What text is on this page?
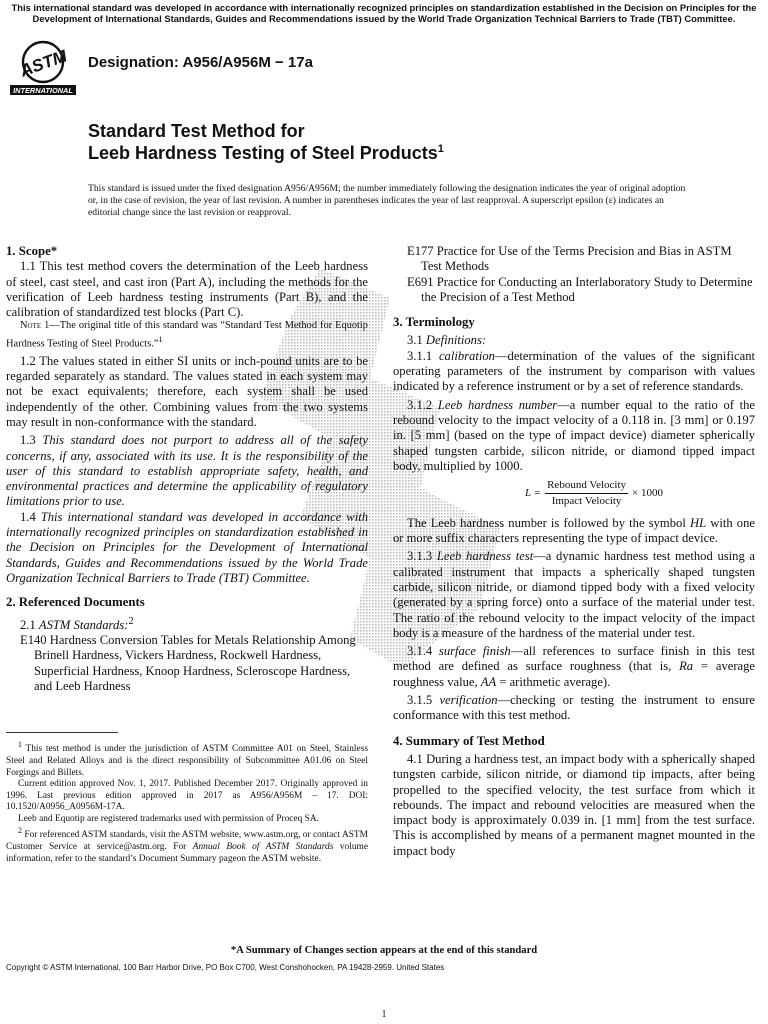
This international standard was developed in accordance with internationally recognized principles on standardization established in the Decision on Principles for the Development of International Standards, Guides and Recommendations issued by the World Trade Organization Technical Barriers to Trade (TBT) Committee.
ASTM
INTERNATIONAL
Designation: A956/A956M − 17a
Standard Test Method for
Leeb Hardness Testing of Steel Products$^1$
This standard is issued under the fixed designation A956/A956M; the number immediately following the designation indicates the year of original adoption or, in the case of revision, the year of last revision. A number in parentheses indicates the year of last reapproval. A superscript epsilon (ε) indicates an editorial change since the last revision or reapproval.

1. Scope*

1.1 This test method covers the determination of the Leeb hardness of steel, cast steel, and cast iron (Part A), including the methods for the verification of Leeb hardness testing instruments (Part B), and the calibration of standardized test blocks (Part C).

Note 1—The original title of this standard was “Standard Test Method for Equotip Hardness Testing of Steel Products.”$^1$

1.2 The values stated in either SI units or inch-pound units are to be regarded separately as standard. The values stated in each system may not be exact equivalents; therefore, each system shall be used independently of the other. Combining values from the two systems may result in non-conformance with the standard.

1.3 This standard does not purport to address all of the safety concerns, if any, associated with its use. It is the responsibility of the user of this standard to establish appropriate safety, health, and environmental practices and determine the applicability of regulatory limitations prior to use.

1.4 This international standard was developed in accordance with internationally recognized principles on standardization established in the Decision on Principles for the Development of International Standards, Guides and Recommendations issued by the World Trade Organization Technical Barriers to Trade (TBT) Committee.

2. Referenced Documents

2.1 ASTM Standards:$^2$

E140 Hardness Conversion Tables for Metals Relationship Among Brinell Hardness, Vickers Hardness, Rockwell Hardness, Superficial Hardness, Knoop Hardness, Scleroscope Hardness, and Leeb Hardness

$^1$ This test method is under the jurisdiction of ASTM Committee A01 on Steel, Stainless Steel and Related Alloys and is the direct responsibility of Subcommittee A01.06 on Steel Forgings and Billets.

Current edition approved Nov. 1, 2017. Published December 2017. Originally approved in 1996. Last previous edition approved in 2017 as A956/A956M – 17. DOI: 10.1520/A0956_A0956M-17A.

Leeb and Equotip are registered trademarks used with permission of Proceq SA.

$^2$ For referenced ASTM standards, visit the ASTM website, www.astm.org, or contact ASTM Customer Service at service@astm.org. For Annual Book of ASTM Standards volume information, refer to the standard’s Document Summary pageon the ASTM website.

E177 Practice for Use of the Terms Precision and Bias in ASTM Test Methods

E691 Practice for Conducting an Interlaboratory Study to Determine the Precision of a Test Method

3. Terminology

3.1 Definitions:

3.1.1 calibration—determination of the values of the significant operating parameters of the instrument by comparison with values indicated by a reference instrument or by a set of reference standards.

3.1.2 Leeb hardness number—a number equal to the ratio of the rebound velocity to the impact velocity of a 0.118 in. [3 mm] or 0.197 in. [5 mm] (based on the type of impact device) diameter spherically shaped tungsten carbide, silicon nitride, or diamond tipped impact body, multiplied by 1000.

$L = \frac{\text{Rebound Velocity}}{\text{Impact Velocity}} \times 1000$

The Leeb hardness number is followed by the symbol HL with one or more suffix characters representing the type of impact device.

3.1.3 Leeb hardness test—a dynamic hardness test method using a calibrated instrument that impacts a spherically shaped tungsten carbide, silicon nitride, or diamond tipped body with a fixed velocity (generated by a spring force) onto a surface of the material under test. The ratio of the rebound velocity to the impact velocity of the impact body is a measure of the hardness of the material under test.

3.1.4 surface finish—all references to surface finish in this test method are defined as surface roughness (that is, Ra = average roughness value, AA = arithmetic average).

3.1.5 verification—checking or testing the instrument to ensure conformance with this test method.

4. Summary of Test Method

4.1 During a hardness test, an impact body with a spherically shaped tungsten carbide, silicon nitride, or diamond tip impacts, after being propelled to the specified velocity, the test surface from which it rebounds. The impact and rebound velocities are measured when the impact body is approximately 0.039 in. [1 mm] from the test surface. This is accomplished by means of a permanent magnet mounted in the impact body

*A Summary of Changes section appears at the end of this standard
Copyright © ASTM International, 100 Barr Harbor Drive, PO Box C700, West Conshohocken, PA 19428-2959. United States
1
